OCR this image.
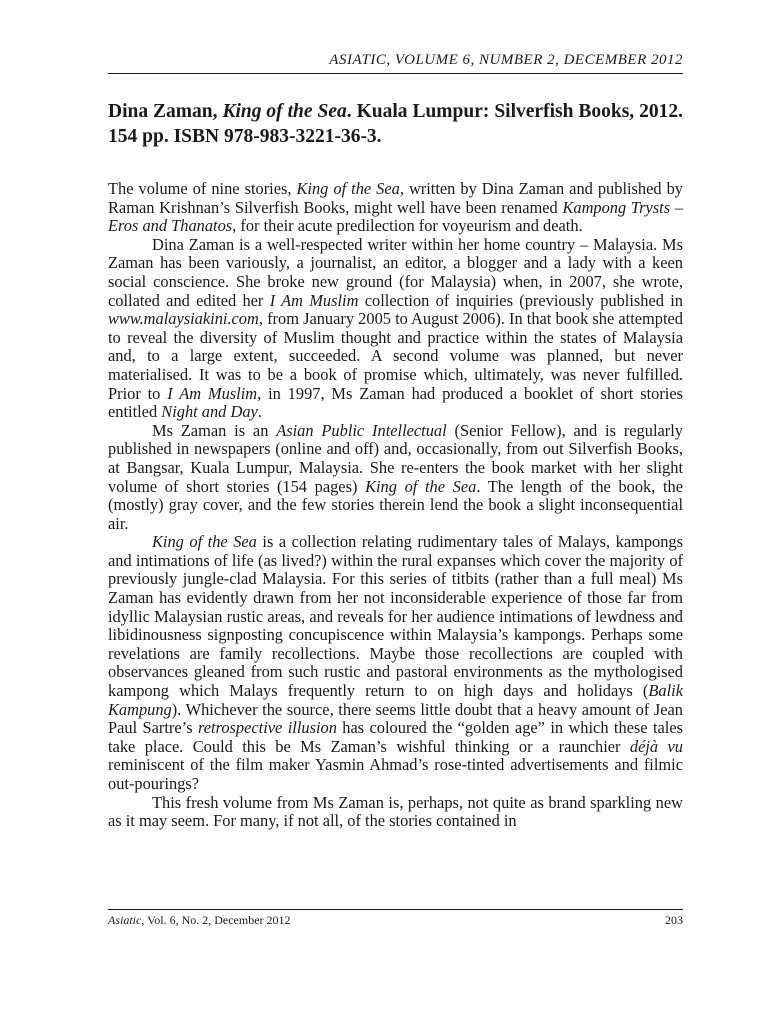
ASIATIC, VOLUME 6, NUMBER 2, DECEMBER 2012
Dina Zaman, King of the Sea. Kuala Lumpur: Silverfish Books, 2012. 154 pp. ISBN 978-983-3221-36-3.

The volume of nine stories, King of the Sea, written by Dina Zaman and published by Raman Krishnan’s Silverfish Books, might well have been renamed Kampong Trysts – Eros and Thanatos, for their acute predilection for voyeurism and death.

Dina Zaman is a well-respected writer within her home country – Malaysia. Ms Zaman has been variously, a journalist, an editor, a blogger and a lady with a keen social conscience. She broke new ground (for Malaysia) when, in 2007, she wrote, collated and edited her I Am Muslim collection of inquiries (previously published in www.malaysiakini.com, from January 2005 to August 2006). In that book she attempted to reveal the diversity of Muslim thought and practice within the states of Malaysia and, to a large extent, succeeded. A second volume was planned, but never materialised. It was to be a book of promise which, ultimately, was never fulfilled. Prior to I Am Muslim, in 1997, Ms Zaman had produced a booklet of short stories entitled Night and Day.

Ms Zaman is an Asian Public Intellectual (Senior Fellow), and is regularly published in newspapers (online and off) and, occasionally, from out Silverfish Books, at Bangsar, Kuala Lumpur, Malaysia. She re-enters the book market with her slight volume of short stories (154 pages) King of the Sea. The length of the book, the (mostly) gray cover, and the few stories therein lend the book a slight inconsequential air.

King of the Sea is a collection relating rudimentary tales of Malays, kampongs and intimations of life (as lived?) within the rural expanses which cover the majority of previously jungle-clad Malaysia. For this series of titbits (rather than a full meal) Ms Zaman has evidently drawn from her not inconsiderable experience of those far from idyllic Malaysian rustic areas, and reveals for her audience intimations of lewdness and libidinousness signposting concupiscence within Malaysia’s kampongs. Perhaps some revelations are family recollections. Maybe those recollections are coupled with observances gleaned from such rustic and pastoral environments as the mythologised kampong which Malays frequently return to on high days and holidays (Balik Kampung). Whichever the source, there seems little doubt that a heavy amount of Jean Paul Sartre’s retrospective illusion has coloured the “golden age” in which these tales take place. Could this be Ms Zaman’s wishful thinking or a raunchier déjà vu reminiscent of the film maker Yasmin Ahmad’s rose-tinted advertisements and filmic out-pourings?

This fresh volume from Ms Zaman is, perhaps, not quite as brand sparkling new as it may seem. For many, if not all, of the stories contained in

Asiatic, Vol. 6, No. 2, December 2012	203
